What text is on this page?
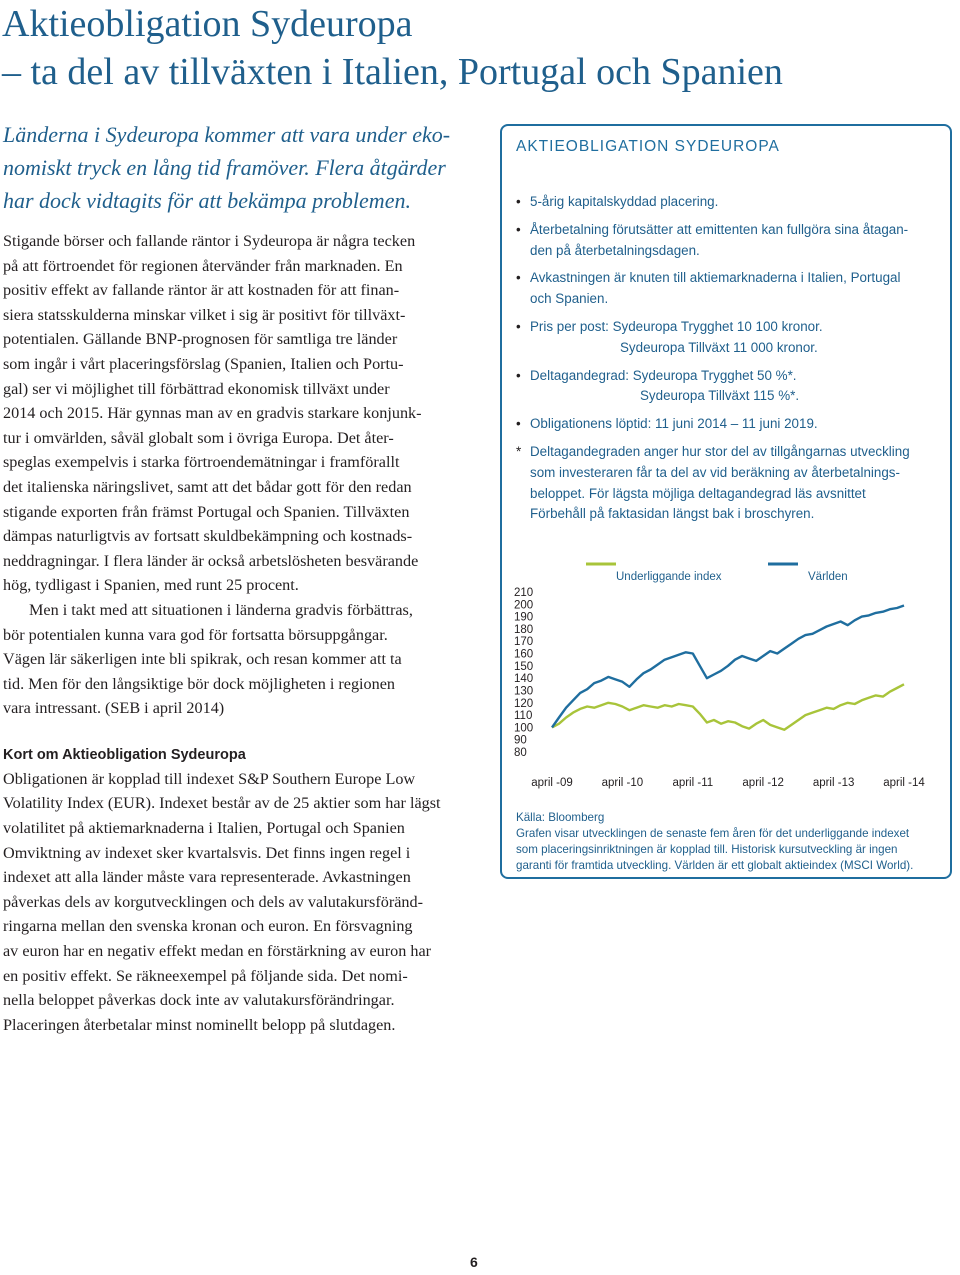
Aktieobligation Sydeuropa
– ta del av tillväxten i Italien, Portugal och Spanien

Länderna i Sydeuropa kommer att vara under eko-
nomiskt tryck en lång tid framöver. Flera åtgärder
har dock vidtagits för att bekämpa problemen.

Stigande börser och fallande räntor i Sydeuropa är några tecken
på att förtroendet för regionen återvänder från marknaden. En
positiv effekt av fallande räntor är att kostnaden för att finan-
siera statsskulderna minskar vilket i sig är positivt för tillväxt-
potentialen. Gällande BNP-prognosen för samtliga tre länder
som ingår i vårt placeringsförslag (Spanien, Italien och Portu-
gal) ser vi möjlighet till förbättrad ekonomisk tillväxt under
2014 och 2015. Här gynnas man av en gradvis starkare konjunk-
tur i omvärlden, såväl globalt som i övriga Europa. Det åter-
speglas exempelvis i starka förtroendemätningar i framförallt
det italienska näringslivet, samt att det bådar gott för den redan
stigande exporten från främst Portugal och Spanien. Tillväxten
dämpas naturligtvis av fortsatt skuldbekämpning och kostnads-
neddragningar. I flera länder är också arbetslösheten besvärande
hög, tydligast i Spanien, med runt 25 procent.

Men i takt med att situationen i länderna gradvis förbättras,
bör potentialen kunna vara god för fortsatta börsuppgångar.
Vägen lär säkerligen inte bli spikrak, och resan kommer att ta
tid. Men för den långsiktige bör dock möjligheten i regionen
vara intressant. (SEB i april 2014)

Kort om Aktieobligation Sydeuropa

Obligationen är kopplad till indexet S&P Southern Europe Low
Volatility Index (EUR). Indexet består av de 25 aktier som har lägst
volatilitet på aktiemarknaderna i Italien, Portugal och Spanien
Omviktning av indexet sker kvartalsvis. Det finns ingen regel i
indexet att alla länder måste vara representerade. Avkastningen
påverkas dels av korgutvecklingen och dels av valutakursföränd-
ringarna mellan den svenska kronan och euron. En försvagning
av euron har en negativ effekt medan en förstärkning av euron har
en positiv effekt. Se räkneexempel på följande sida. Det nomi-
nella beloppet påverkas dock inte av valutakursförändringar.
Placeringen återbetalar minst nominellt belopp på slutdagen.

AKTIEOBLIGATION SYDEUROPA
• 5-årig kapitalskyddad placering.
• Återbetalning förutsätter att emittenten kan fullgöra sina åtagan-
den på återbetalningsdagen.
• Avkastningen är knuten till aktiemarknaderna i Italien, Portugal
och Spanien.
• Pris per post: Sydeuropa Trygghet 10 100 kronor.
Sydeuropa Tillväxt 11 000 kronor.
• Deltagandegrad: Sydeuropa Trygghet 50 %*.
Sydeuropa Tillväxt 115 %*.
• Obligationens löptid: 11 juni 2014 – 11 juni 2019.
* Deltagandegraden anger hur stor del av tillgångarnas utveckling
som investeraren får ta del av vid beräkning av återbetalnings-
beloppet. För lägsta möjliga deltagandegrad läs avsnittet
Förbehåll på faktasidan längst bak i broschyren.
Underliggande index	Världen
210
200
190
180
170
160
150
140
130
120
110
100
90
80
april -09	april -10	april -11	april -12	april -13	april -14
Källa: Bloomberg
Grafen visar utvecklingen de senaste fem åren för det underliggande indexet
som placeringsinriktningen är kopplad till. Historisk kursutveckling är ingen
garanti för framtida utveckling. Världen är ett globalt aktieindex (MSCI World).
6
